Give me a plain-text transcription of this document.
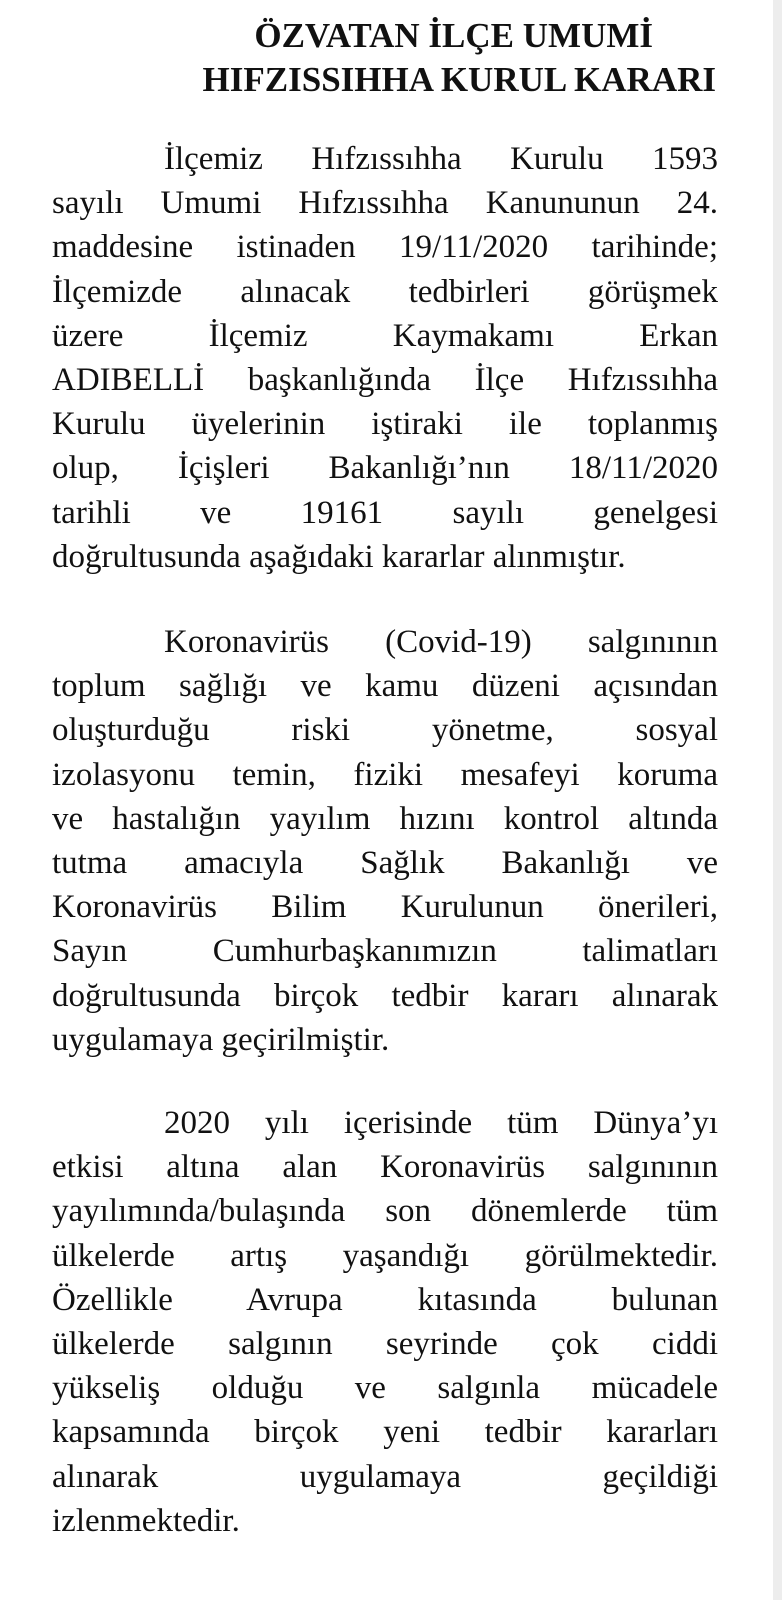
ÖZVATAN İLÇE UMUMİ
HIFZISSIHHA KURUL KARARI
İlçemiz Hıfzıssıhha Kurulu 1593
sayılı Umumi Hıfzıssıhha Kanununun 24.
maddesine istinaden 19/11/2020 tarihinde;
İlçemizde alınacak tedbirleri görüşmek
üzere İlçemiz Kaymakamı Erkan
ADIBELLİ başkanlığında İlçe Hıfzıssıhha
Kurulu üyelerinin iştiraki ile toplanmış
olup, İçişleri Bakanlığı’nın 18/11/2020
tarihli ve 19161 sayılı genelgesi
doğrultusunda aşağıdaki kararlar alınmıştır.
Koronavirüs (Covid-19) salgınının
toplum sağlığı ve kamu düzeni açısından
oluşturduğu riski yönetme, sosyal
izolasyonu temin, fiziki mesafeyi koruma
ve hastalığın yayılım hızını kontrol altında
tutma amacıyla Sağlık Bakanlığı ve
Koronavirüs Bilim Kurulunun önerileri,
Sayın Cumhurbaşkanımızın talimatları
doğrultusunda birçok tedbir kararı alınarak
uygulamaya geçirilmiştir.
2020 yılı içerisinde tüm Dünya’yı
etkisi altına alan Koronavirüs salgınının
yayılımında/bulaşında son dönemlerde tüm
ülkelerde artış yaşandığı görülmektedir.
Özellikle Avrupa kıtasında bulunan
ülkelerde salgının seyrinde çok ciddi
yükseliş olduğu ve salgınla mücadele
kapsamında birçok yeni tedbir kararları
alınarak uygulamaya geçildiği
izlenmektedir.
